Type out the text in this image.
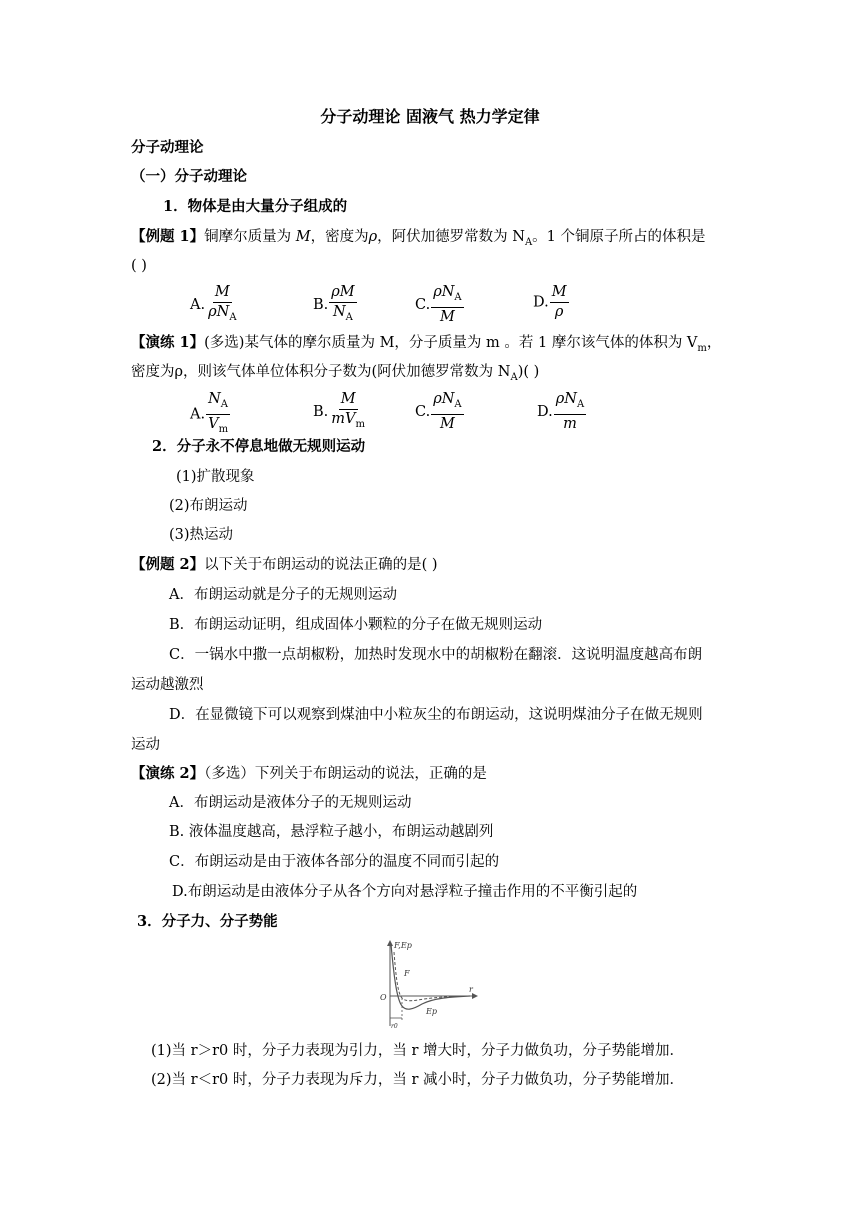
分子动理论 固液气 热力学定律
分子动理论
（一）分子动理论
1．物体是由大量分子组成的
【例题 1】铜摩尔质量为 M，密度为ρ，阿伏加德罗常数为 $N_A$。1 个铜原子所占的体积是
( )
A. $\frac{M}{\rho N_A}$	B. $\frac{\rho M}{N_A}$	C. $\frac{\rho N_A}{M}$	D. $\frac{M}{\rho}$
【演练 1】(多选)某气体的摩尔质量为 M，分子质量为 m 。若 1 摩尔该气体的体积为 $V_m$，
密度为ρ，则该气体单位体积分子数为(阿伏加德罗常数为 $N_A$)( )
A. $\frac{N_A}{V_m}$	B. $\frac{M}{mV_m}$	C. $\frac{\rho N_A}{M}$	D. $\frac{\rho N_A}{m}$
2．分子永不停息地做无规则运动
(1)扩散现象
(2)布朗运动
(3)热运动
【例题 2】以下关于布朗运动的说法正确的是( )
A．布朗运动就是分子的无规则运动
B．布朗运动证明，组成固体小颗粒的分子在做无规则运动
C．一锅水中撒一点胡椒粉，加热时发现水中的胡椒粉在翻滚．这说明温度越高布朗
运动越激烈
D．在显微镜下可以观察到煤油中小粒灰尘的布朗运动，这说明煤油分子在做无规则
运动
【演练 2】（多选）下列关于布朗运动的说法，正确的是
A．布朗运动是液体分子的无规则运动
B. 液体温度越高，悬浮粒子越小，布朗运动越剧列
C．布朗运动是由于液体各部分的温度不同而引起的
D.布朗运动是由液体分子从各个方向对悬浮粒子撞击作用的不平衡引起的
3．分子力、分子势能
F,Ep
F
Ep
O
r
r0
(1)当 r＞r0 时，分子力表现为引力，当 r 增大时，分子力做负功，分子势能增加．
(2)当 r＜r0 时，分子力表现为斥力，当 r 减小时，分子力做负功，分子势能增加．
